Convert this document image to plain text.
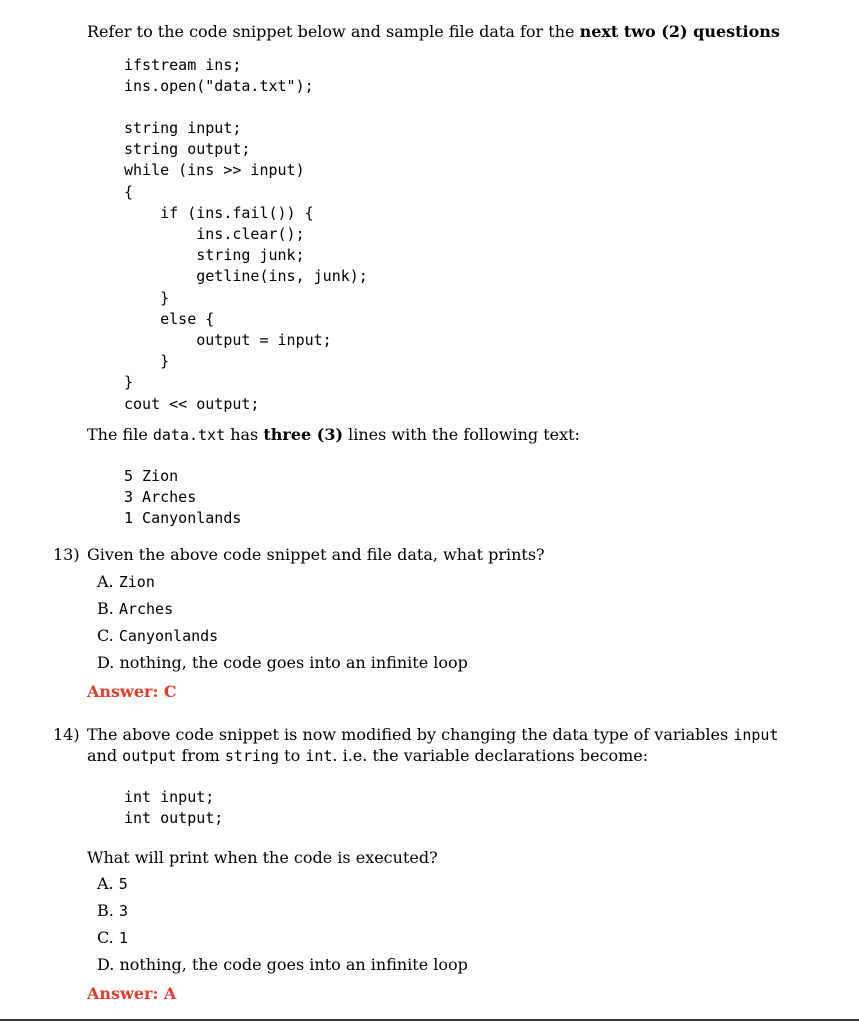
Refer to the code snippet below and sample file data for the next two (2) questions
ifstream ins;
ins.open("data.txt");
string input;
string output;
while (ins >> input)
{
if (ins.fail()) {
ins.clear();
string junk;
getline(ins, junk);
}
else {
output = input;
}
}
cout << output;
The file data.txt has three (3) lines with the following text:
5 Zion
3 Arches
1 Canyonlands
13) Given the above code snippet and file data, what prints?
A. Zion
B. Arches
C. Canyonlands
D. nothing, the code goes into an infinite loop
Answer: C
14) The above code snippet is now modified by changing the data type of variables input
and output from string to int. i.e. the variable declarations become:
int input;
int output;
What will print when the code is executed?
A. 5
B. 3
C. 1
D. nothing, the code goes into an infinite loop
Answer: A
